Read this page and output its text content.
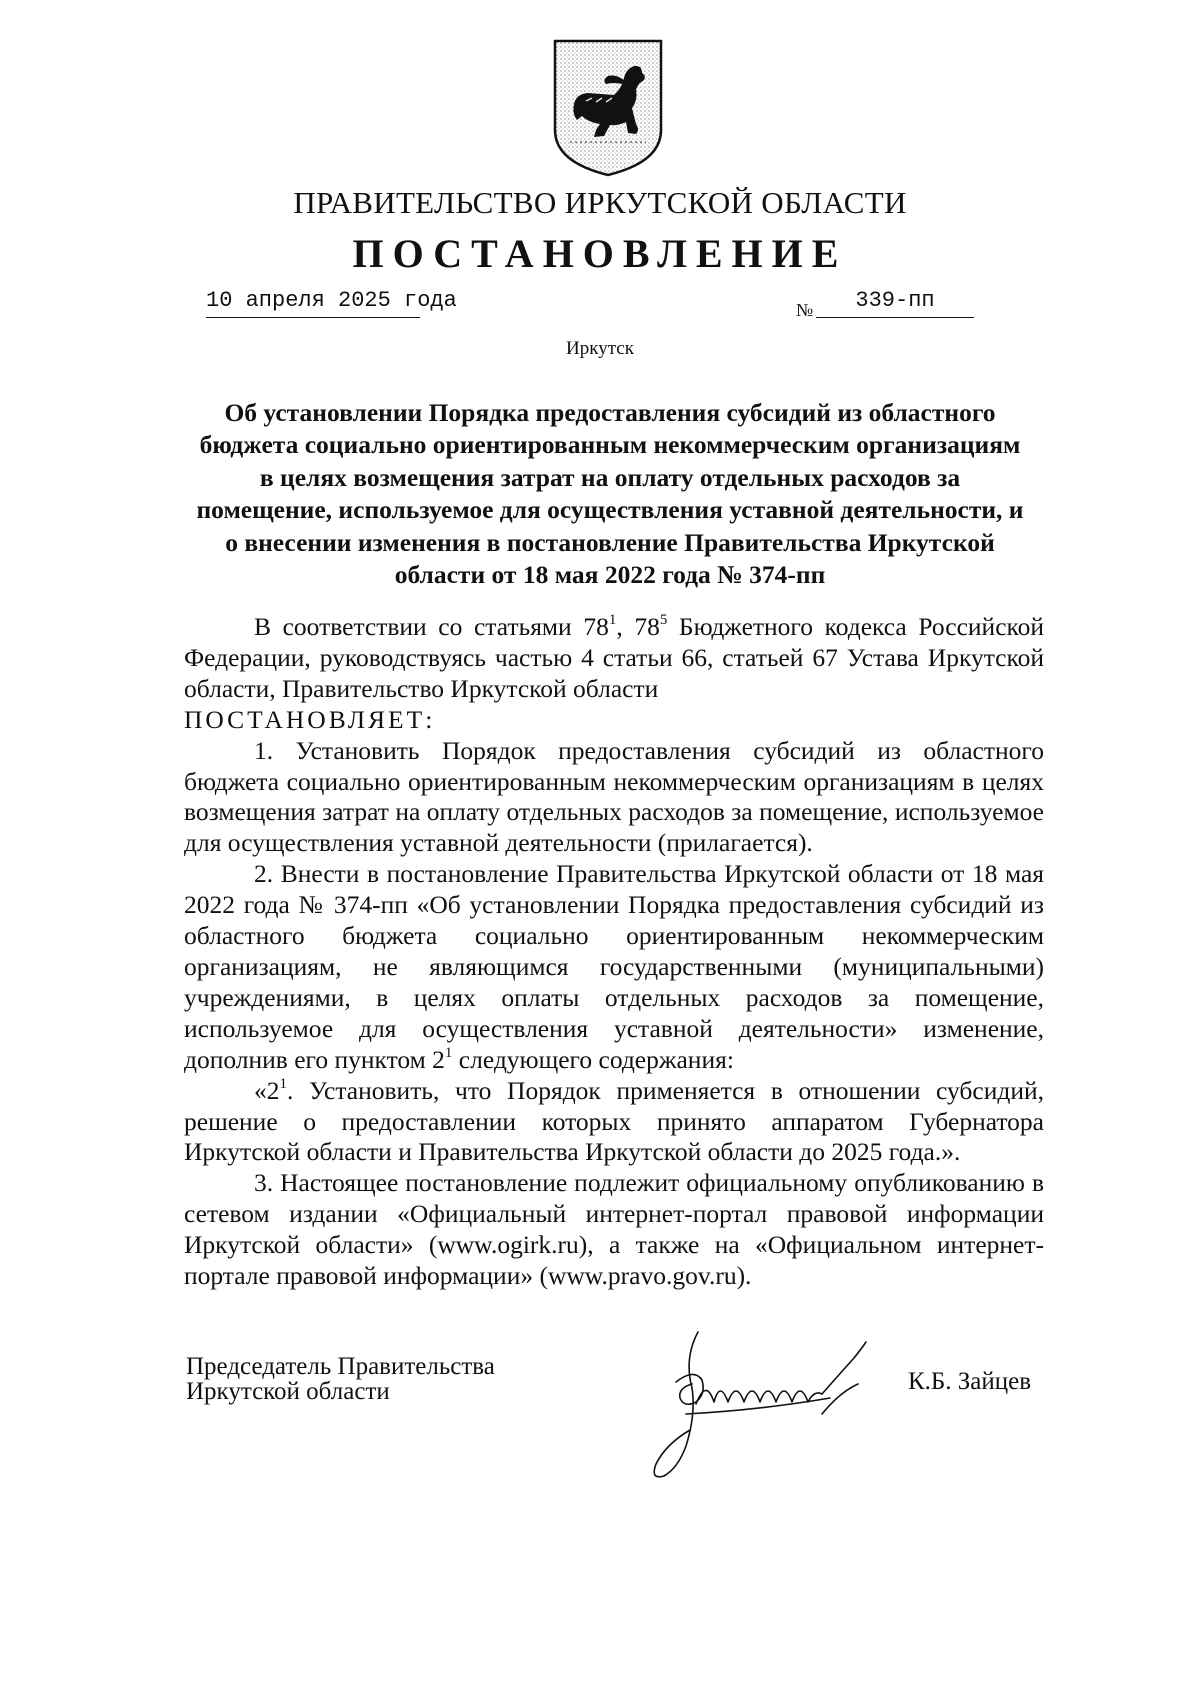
ПРАВИТЕЛЬСТВО ИРКУТСКОЙ ОБЛАСТИ
ПОСТАНОВЛЕНИЕ
10 апреля 2025 года	№	339-пп
Иркутск
Об установлении Порядка предоставления субсидий из областного
бюджета социально ориентированным некоммерческим организациям
в целях возмещения затрат на оплату отдельных расходов за
помещение, используемое для осуществления уставной деятельности, и
о внесении изменения в постановление Правительства Иркутской
области от 18 мая 2022 года № 374-пп

В соответствии со статьями $78^1$, $78^5$ Бюджетного кодекса Российской Федерации, руководствуясь частью 4 статьи 66, статьей 67 Устава Иркутской области, Правительство Иркутской области

ПОСТАНОВЛЯЕТ:

1. Установить Порядок предоставления субсидий из областного бюджета социально ориентированным некоммерческим организациям в целях возмещения затрат на оплату отдельных расходов за помещение, используемое для осуществления уставной деятельности (прилагается).

2. Внести в постановление Правительства Иркутской области от 18 мая 2022 года № 374-пп «Об установлении Порядка предоставления субсидий из областного бюджета социально ориентированным некоммерческим организациям, не являющимся государственными (муниципальными) учреждениями, в целях оплаты отдельных расходов за помещение, используемое для осуществления уставной деятельности» изменение, дополнив его пунктом $2^1$ следующего содержания:

«$2^1$. Установить, что Порядок применяется в отношении субсидий, решение о предоставлении которых принято аппаратом Губернатора Иркутской области и Правительства Иркутской области до 2025 года.».

3. Настоящее постановление подлежит официальному опубликованию в сетевом издании «Официальный интернет-портал правовой информации Иркутской области» (www.ogirk.ru), а также на «Официальном интернет-портале правовой информации» (www.pravo.gov.ru).

Председатель Правительства
Иркутской области	К.Б. Зайцев
